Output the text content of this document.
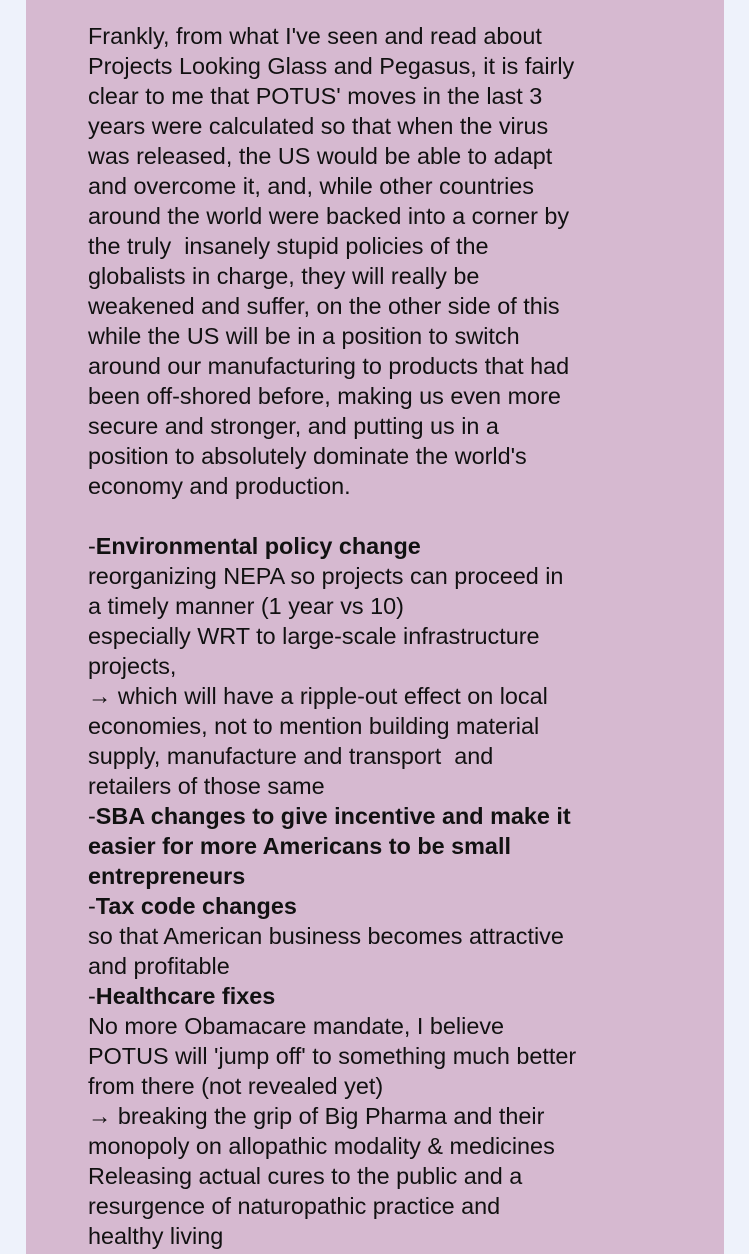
Frankly, from what I've seen and read about
Projects Looking Glass and Pegasus, it is fairly
clear to me that POTUS' moves in the last 3
years were calculated so that when the virus
was released, the US would be able to adapt
and overcome it, and, while other countries
around the world were backed into a corner by
the truly  insanely stupid policies of the
globalists in charge, they will really be
weakened and suffer, on the other side of this
while the US will be in a position to switch
around our manufacturing to products that had
been off-shored before, making us even more
secure and stronger, and putting us in a
position to absolutely dominate the world's
economy and production.
-Environmental policy change
reorganizing NEPA so projects can proceed in
a timely manner (1 year vs 10)
especially WRT to large-scale infrastructure
projects,
→ which will have a ripple-out effect on local
economies, not to mention building material
supply, manufacture and transport  and
retailers of those same
-SBA changes to give incentive and make it
easier for more Americans to be small
entrepreneurs
-Tax code changes
so that American business becomes attractive
and profitable
-Healthcare fixes
No more Obamacare mandate, I believe
POTUS will 'jump off' to something much better
from there (not revealed yet)
→ breaking the grip of Big Pharma and their
monopoly on allopathic modality & medicines
Releasing actual cures to the public and a
resurgence of naturopathic practice and
healthy living
